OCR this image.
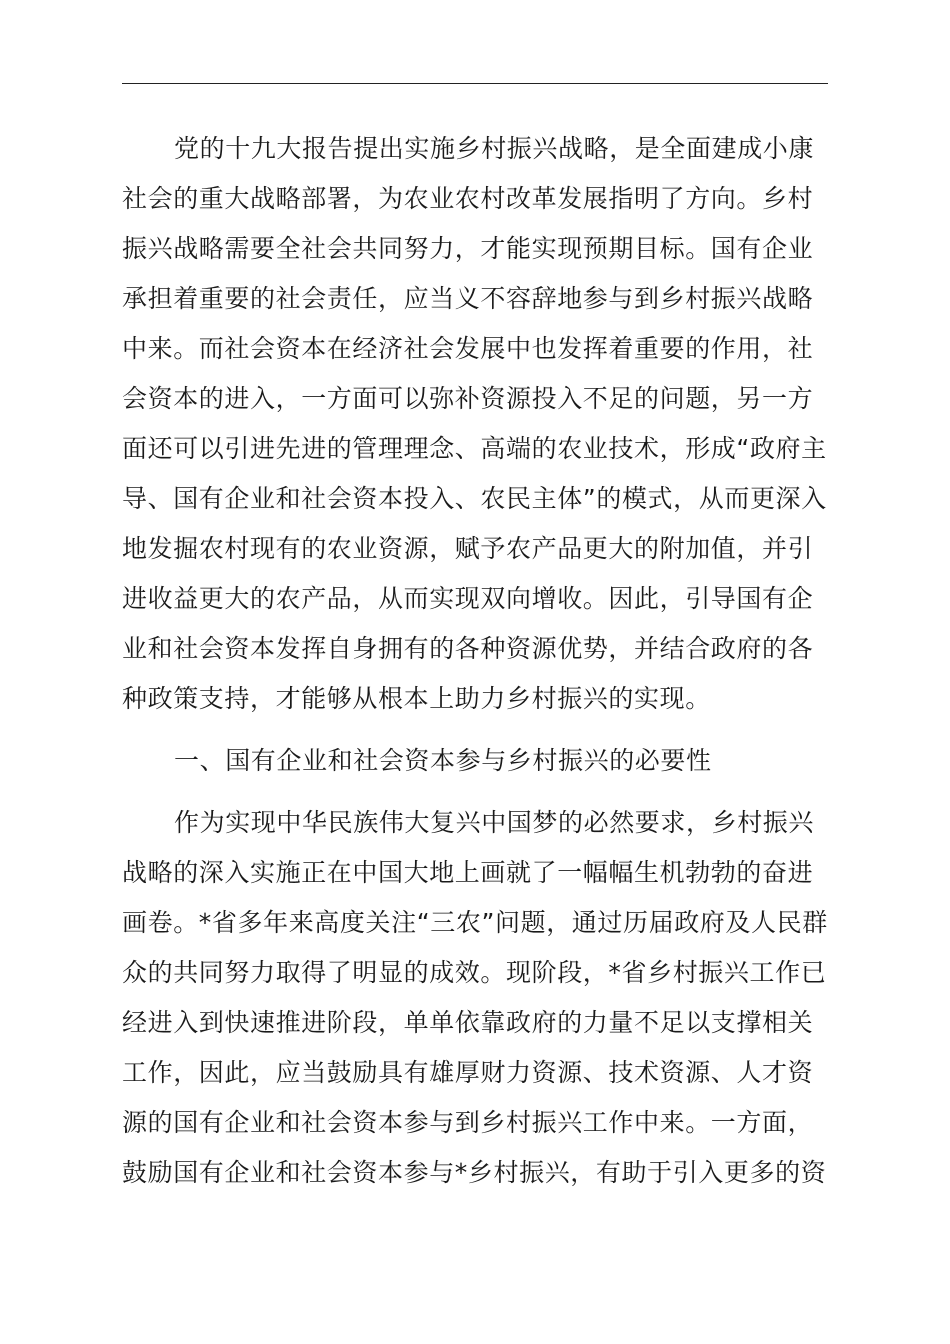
党的十九大报告提出实施乡村振兴战略，是全面建成小康
社会的重大战略部署，为农业农村改革发展指明了方向。乡村
振兴战略需要全社会共同努力，才能实现预期目标。国有企业
承担着重要的社会责任，应当义不容辞地参与到乡村振兴战略
中来。而社会资本在经济社会发展中也发挥着重要的作用，社
会资本的进入，一方面可以弥补资源投入不足的问题，另一方
面还可以引进先进的管理理念、高端的农业技术，形成“政府主
导、国有企业和社会资本投入、农民主体”的模式，从而更深入
地发掘农村现有的农业资源，赋予农产品更大的附加值，并引
进收益更大的农产品，从而实现双向增收。因此，引导国有企
业和社会资本发挥自身拥有的各种资源优势，并结合政府的各
种政策支持，才能够从根本上助力乡村振兴的实现。
一、国有企业和社会资本参与乡村振兴的必要性
作为实现中华民族伟大复兴中国梦的必然要求，乡村振兴
战略的深入实施正在中国大地上画就了一幅幅生机勃勃的奋进
画卷。*省多年来高度关注“三农”问题，通过历届政府及人民群
众的共同努力取得了明显的成效。现阶段，*省乡村振兴工作已
经进入到快速推进阶段，单单依靠政府的力量不足以支撑相关
工作，因此，应当鼓励具有雄厚财力资源、技术资源、人才资
源的国有企业和社会资本参与到乡村振兴工作中来。一方面，
鼓励国有企业和社会资本参与*乡村振兴，有助于引入更多的资
